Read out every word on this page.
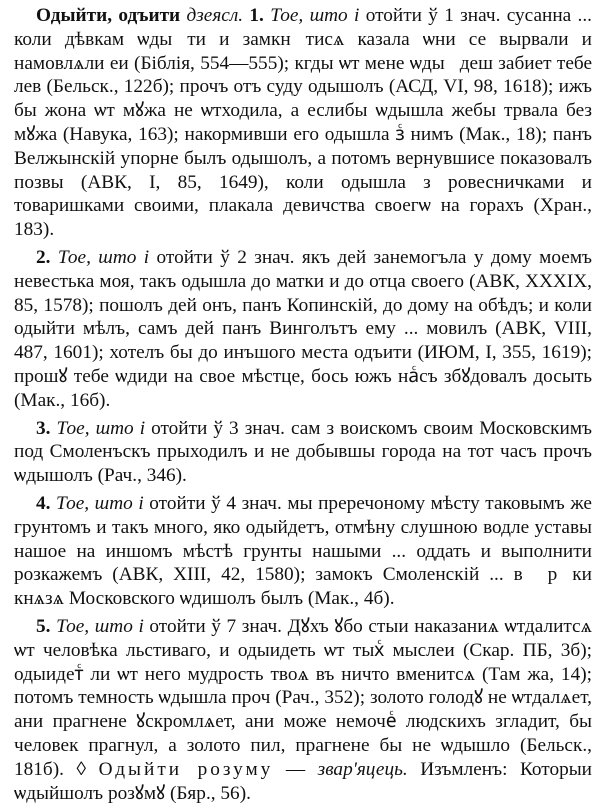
Одыйти, одъити дзеясл. 1. Тое, што і отойти ў 1 знач. сусанна ... коли дѣвкам ѡдыⷭти и замкнꙋтисѧ казала ѡни се вырвали и намовлѧли еи (Біблія, 554—555); кгды ѡт мене ѡдыⷭдеш забиет тебе лев (Бельск., 122б); прочъ отъ суду одышолъ (АСД, VI, 98, 1618); ижъ бы жона ѡт мꙋжа не ѡтходила, а еслибы ѡдышла жебы трвала без мꙋжа (Навука, 163); накормивши его одышла зⷭ нимъ (Мак., 18); панъ Велжынскій упорне былъ одышолъ, а потомъ вернувшисе показовалъ позвы (АВК, I, 85, 1649), коли одышла з ровесничками и товаришками своими, плакала девичства своегѡ на горахъ (Хран., 183).

2. Тое, што і отойти ў 2 знач. якъ дей занемогъла у дому моемъ невестька моя, такъ одышла до матки и до отца своего (АВК, XXXIX, 85, 1578); пошолъ дей онъ, панъ Копинскій, до дому на обѣдъ; и коли одыйти мѣлъ, самъ дей панъ Винголътъ ему ... мовилъ (АВК, VIII, 487, 1601); хотелъ бы до инъшого места одъити (ИЮМ, I, 355, 1619); прошꙋ тебе ѡдиди на свое мѣстце, бось южъ наⷭсъ збꙋдовалъ досыть (Мак., 16б).

3. Тое, што і отойти ў 3 знач. сам з воискомъ своим Московскимъ под Смоленъскъ прыходилъ и не добывшы города на тот часъ прочъ ѡдышолъ (Рач., 346).

4. Тое, што і отойти ў 4 знач. мы преречоному мѣсту таковымъ же грунтомъ и такъ много, яко одыйдетъ, отмѣну слушною водле уставы нашое на иншомъ мѣстѣ грунты нашыми ... оддать и выполнити розкажемъ (АВК, XIII, 42, 1580); замокъ Смоленскій ... вⷭ рꙋки кнѧзѧ Московского ѡдишолъ былъ (Мак., 4б).

5. Тое, што і отойти ў 7 знач. Дꙋхъ ꙋбо стыи наказаниѧ ѡтдалитсѧ ѡт человѣка льстиваго, и одыидеть ѡт тыхⷭ мыслеи (Скар. ПБ, 3б); одыидетⷭ ли ѡт него мудрость твоѧ въ ничто вменитсѧ (Там жа, 14); потомъ темность ѡдышла проч (Рач., 352); золото голодꙋ не ѡтдалѧет, ани прагнене ꙋскромлѧет, ани може немочеⷭ людскихъ згладит, бы человек прагнул, а золото пил, прагнене бы не ѡдышло (Бельск., 181б). ◊ Одыйти розуму — звар'яцець. Изъмленъ: Которыи ѡдыйшолъ розꙋмꙋ (Бяр., 56).
